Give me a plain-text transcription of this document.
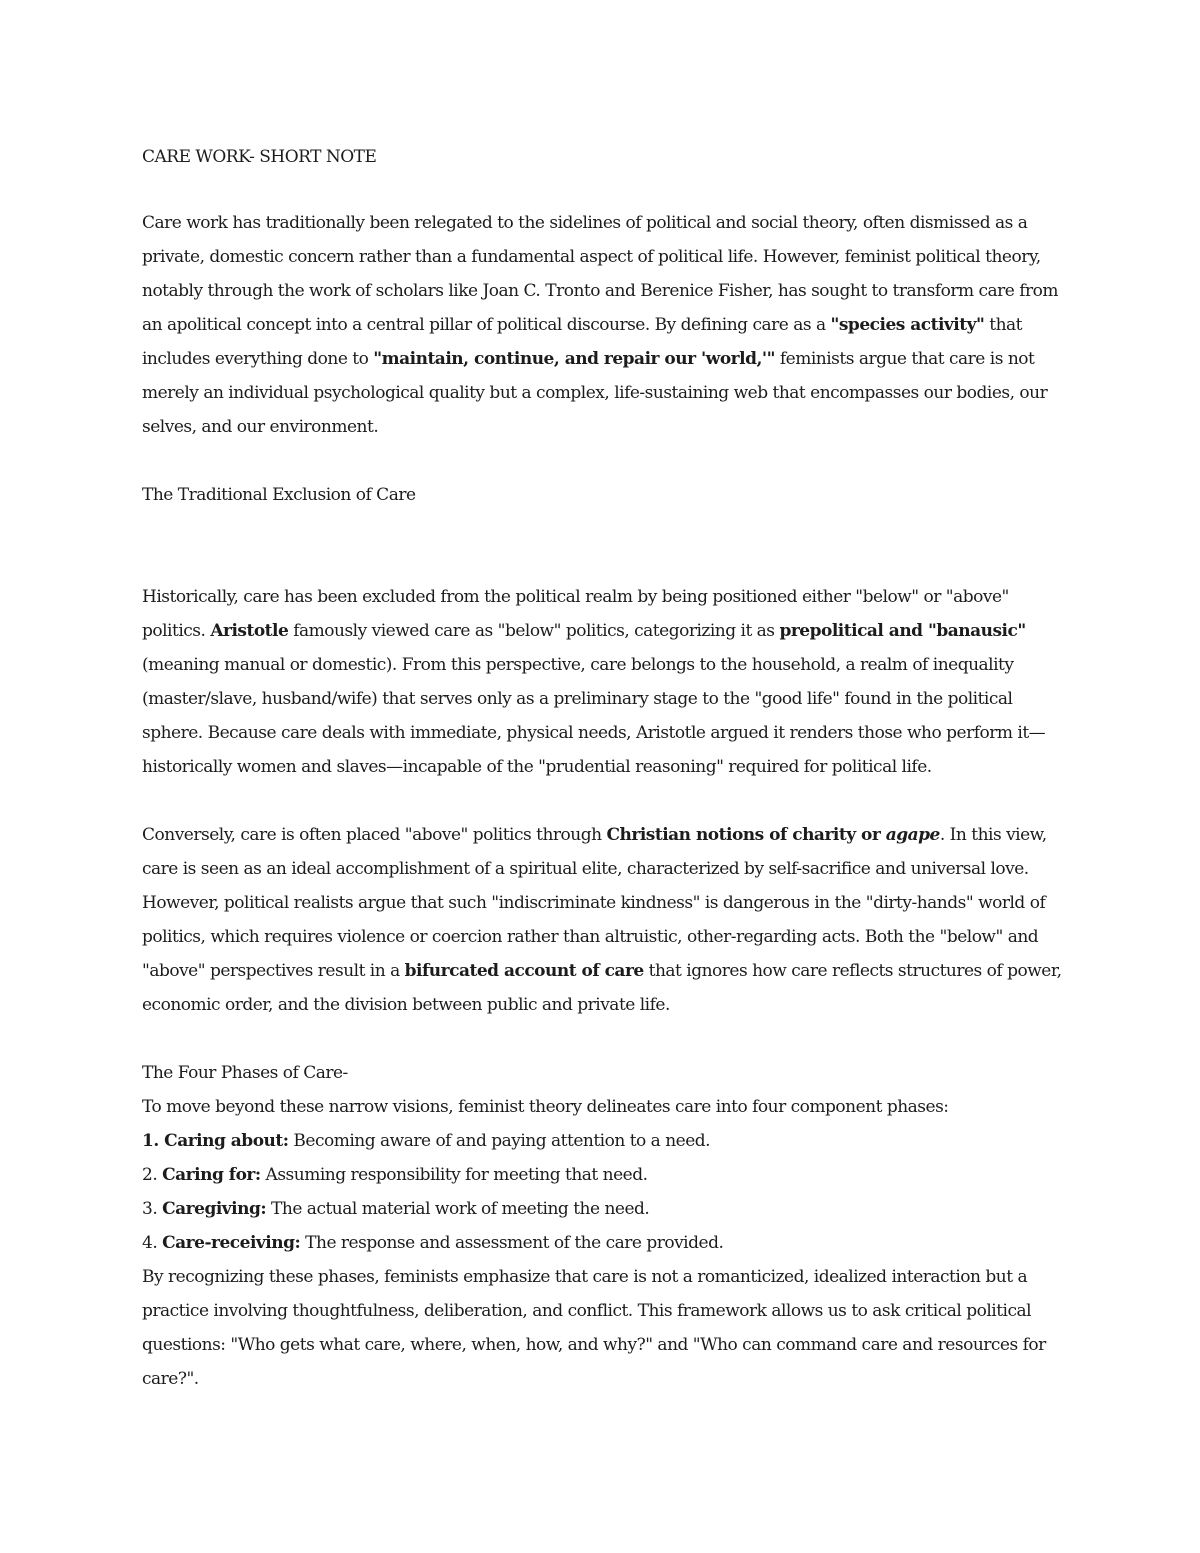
CARE WORK- SHORT NOTE

Care work has traditionally been relegated to the sidelines of political and social theory, often dismissed as a private, domestic concern rather than a fundamental aspect of political life. However, feminist political theory, notably through the work of scholars like Joan C. Tronto and Berenice Fisher, has sought to transform care from an apolitical concept into a central pillar of political discourse. By defining care as a "species activity" that includes everything done to "maintain, continue, and repair our 'world,'" feminists argue that care is not merely an individual psychological quality but a complex, life-sustaining web that encompasses our bodies, our selves, and our environment.

The Traditional Exclusion of Care

Historically, care has been excluded from the political realm by being positioned either "below" or "above" politics. Aristotle famously viewed care as "below" politics, categorizing it as prepolitical and "banausic" (meaning manual or domestic). From this perspective, care belongs to the household, a realm of inequality (master/slave, husband/wife) that serves only as a preliminary stage to the "good life" found in the political sphere. Because care deals with immediate, physical needs, Aristotle argued it renders those who perform it—historically women and slaves—incapable of the "prudential reasoning" required for political life.

Conversely, care is often placed "above" politics through Christian notions of charity or agape. In this view, care is seen as an ideal accomplishment of a spiritual elite, characterized by self-sacrifice and universal love. However, political realists argue that such "indiscriminate kindness" is dangerous in the "dirty-hands" world of politics, which requires violence or coercion rather than altruistic, other-regarding acts. Both the "below" and "above" perspectives result in a bifurcated account of care that ignores how care reflects structures of power, economic order, and the division between public and private life.

The Four Phases of Care-

To move beyond these narrow visions, feminist theory delineates care into four component phases:

1. Caring about: Becoming aware of and paying attention to a need.

2. Caring for: Assuming responsibility for meeting that need.

3. Caregiving: The actual material work of meeting the need.

4. Care-receiving: The response and assessment of the care provided.

By recognizing these phases, feminists emphasize that care is not a romanticized, idealized interaction but a practice involving thoughtfulness, deliberation, and conflict. This framework allows us to ask critical political questions: "Who gets what care, where, when, how, and why?" and "Who can command care and resources for care?".
